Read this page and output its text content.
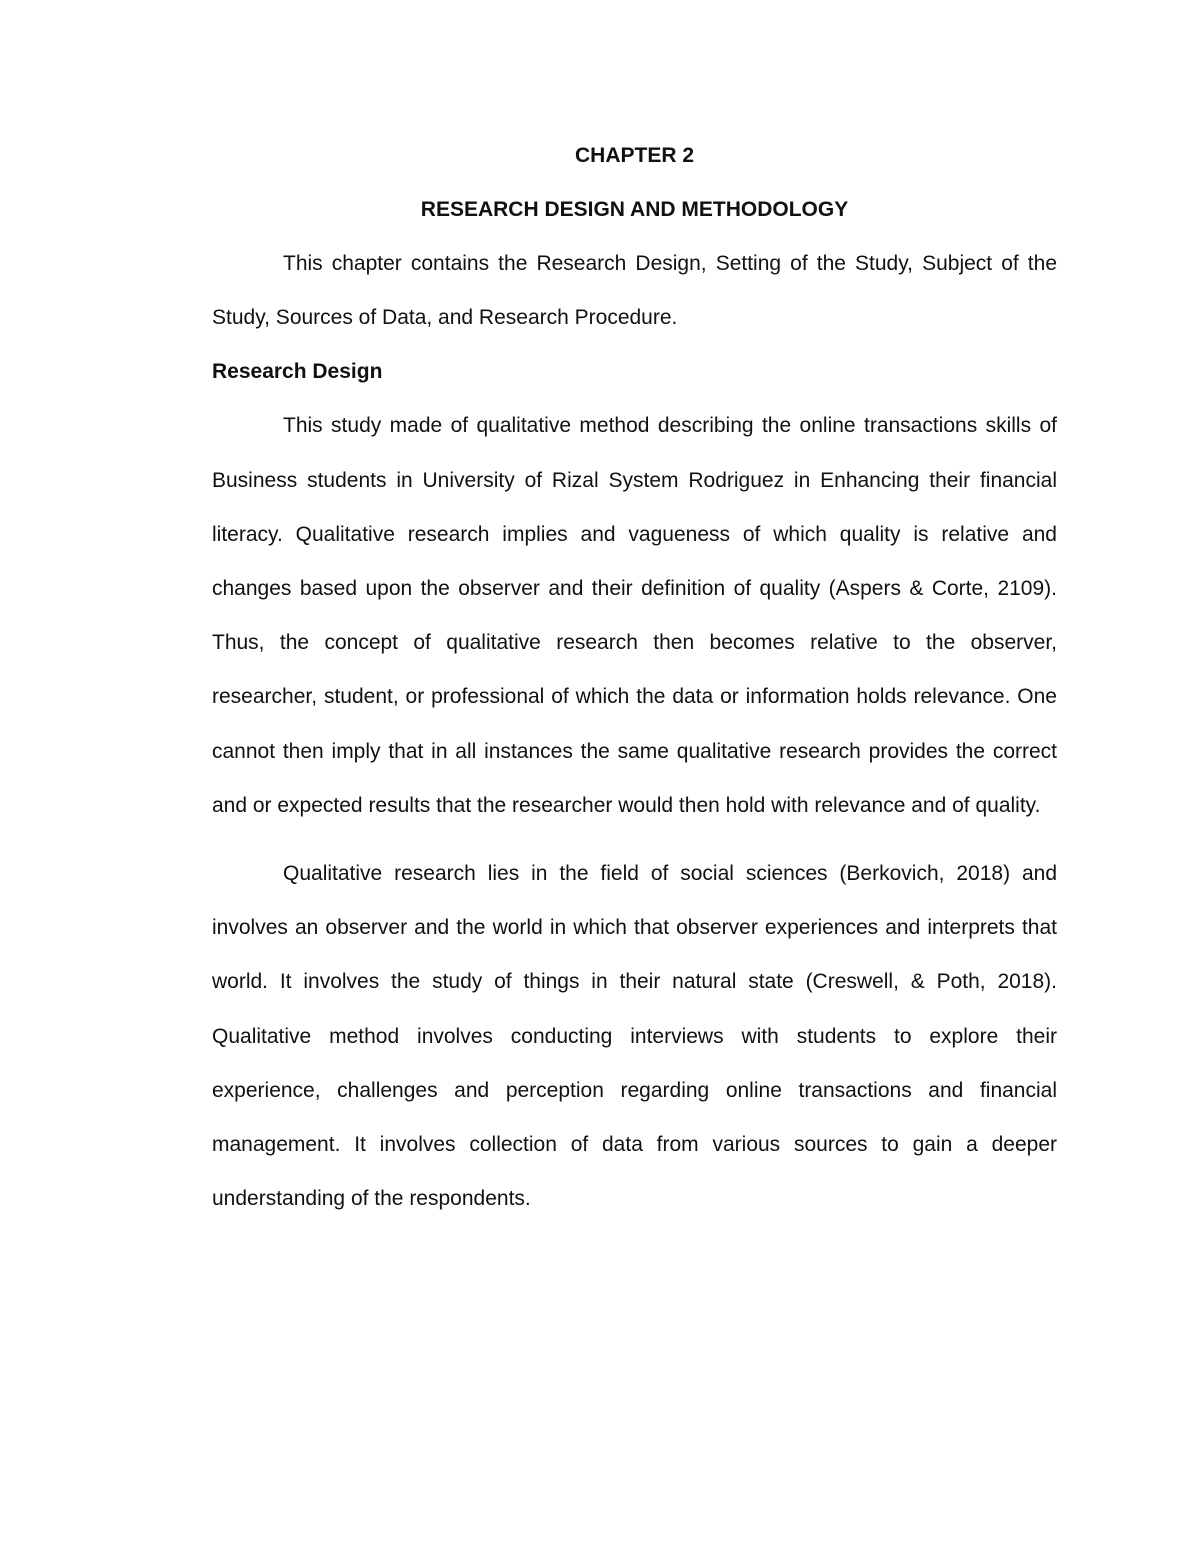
CHAPTER 2
RESEARCH DESIGN AND METHODOLOGY

This chapter contains the Research Design, Setting of the Study, Subject of the Study, Sources of Data, and Research Procedure.

Research Design

This study made of qualitative method describing the online transactions skills of Business students in University of Rizal System Rodriguez in Enhancing their financial literacy. Qualitative research implies and vagueness of which quality is relative and changes based upon the observer and their definition of quality (Aspers & Corte, 2109). Thus, the concept of qualitative research then becomes relative to the observer, researcher, student, or professional of which the data or information holds relevance. One cannot then imply that in all instances the same qualitative research provides the correct and or expected results that the researcher would then hold with relevance and of quality.

Qualitative research lies in the field of social sciences (Berkovich, 2018) and involves an observer and the world in which that observer experiences and interprets that world. It involves the study of things in their natural state (Creswell, & Poth, 2018). Qualitative method involves conducting interviews with students to explore their experience, challenges and perception regarding online transactions and financial management. It involves collection of data from various sources to gain a deeper understanding of the respondents.
